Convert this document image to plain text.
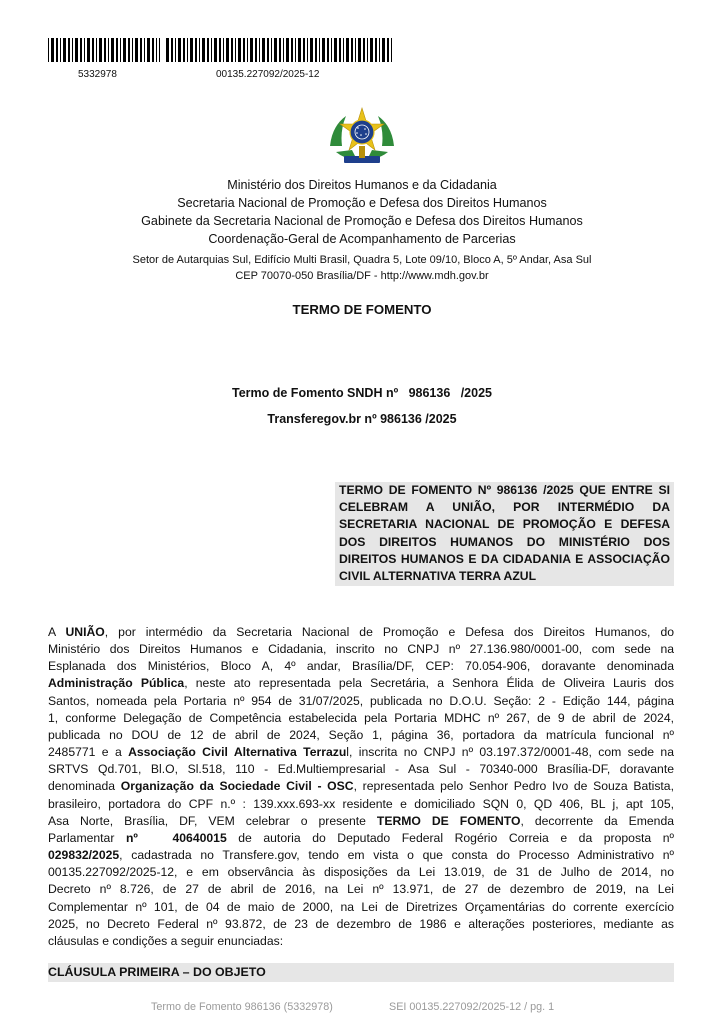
5332978	00135.227092/2025-12
Ministério dos Direitos Humanos e da Cidadania
Secretaria Nacional de Promoção e Defesa dos Direitos Humanos
Gabinete da Secretaria Nacional de Promoção e Defesa dos Direitos Humanos
Coordenação-Geral de Acompanhamento de Parcerias
Setor de Autarquias Sul, Edifício Multi Brasil, Quadra 5, Lote 09/10, Bloco A, 5º Andar, Asa Sul
CEP 70070-050 Brasília/DF - http://www.mdh.gov.br
TERMO DE FOMENTO
Termo de Fomento SNDH nº   986136   /2025
Transferegov.br nº 986136 /2025
TERMO DE FOMENTO Nº 986136 /2025 QUE ENTRE SI CELEBRAM A UNIÃO, POR INTERMÉDIO DA SECRETARIA NACIONAL DE PROMOÇÃO E DEFESA DOS DIREITOS HUMANOS DO MINISTÉRIO DOS DIREITOS HUMANOS E DA CIDADANIA E ASSOCIAÇÃO CIVIL ALTERNATIVA TERRA AZUL
A UNIÃO, por intermédio da Secretaria Nacional de Promoção e Defesa dos Direitos Humanos, do
Ministério dos Direitos Humanos e Cidadania, inscrito no CNPJ nº 27.136.980/0001-00, com sede na
Esplanada dos Ministérios, Bloco A, 4º andar, Brasília/DF, CEP: 70.054-906, doravante denominada
Administração Pública, neste ato representada pela Secretária, a Senhora Élida de Oliveira Lauris dos
Santos, nomeada pela Portaria nº 954 de 31/07/2025, publicada no D.O.U. Seção: 2 - Edição 144, página
1, conforme Delegação de Competência estabelecida pela Portaria MDHC nº 267, de 9 de abril de 2024,
publicada no DOU de 12 de abril de 2024, Seção 1, página 36, portadora da matrícula funcional nº
2485771 e a Associação Civil Alternativa Terrazul, inscrita no CNPJ nº 03.197.372/0001-48, com sede na
SRTVS Qd.701, Bl.O, Sl.518, 110 - Ed.Multiempresarial - Asa Sul - 70340-000 Brasília-DF, doravante
denominada Organização da Sociedade Civil - OSC, representada pelo Senhor Pedro Ivo de Souza Batista,
brasileiro, portadora do CPF n.º : 139.xxx.693-xx residente e domiciliado SQN 0, QD 406, BL j, apt 105,
Asa Norte, Brasília, DF, VEM celebrar o presente TERMO DE FOMENTO, decorrente da Emenda
Parlamentar nº   40640015 de autoria do Deputado Federal Rogério Correia e da proposta nº
029832/2025, cadastrada no Transfere.gov, tendo em vista o que consta do Processo Administrativo nº
00135.227092/2025-12, e em observância às disposições da Lei 13.019, de 31 de Julho de 2014, no
Decreto nº 8.726, de 27 de abril de 2016, na Lei nº 13.971, de 27 de dezembro de 2019, na Lei
Complementar nº 101, de 04 de maio de 2000, na Lei de Diretrizes Orçamentárias do corrente exercício
2025, no Decreto Federal nº 93.872, de 23 de dezembro de 1986 e alterações posteriores, mediante as
cláusulas e condições a seguir enunciadas:
CLÁUSULA PRIMEIRA – DO OBJETO
Termo de Fomento 986136 (5332978)	SEI 00135.227092/2025-12 / pg. 1
